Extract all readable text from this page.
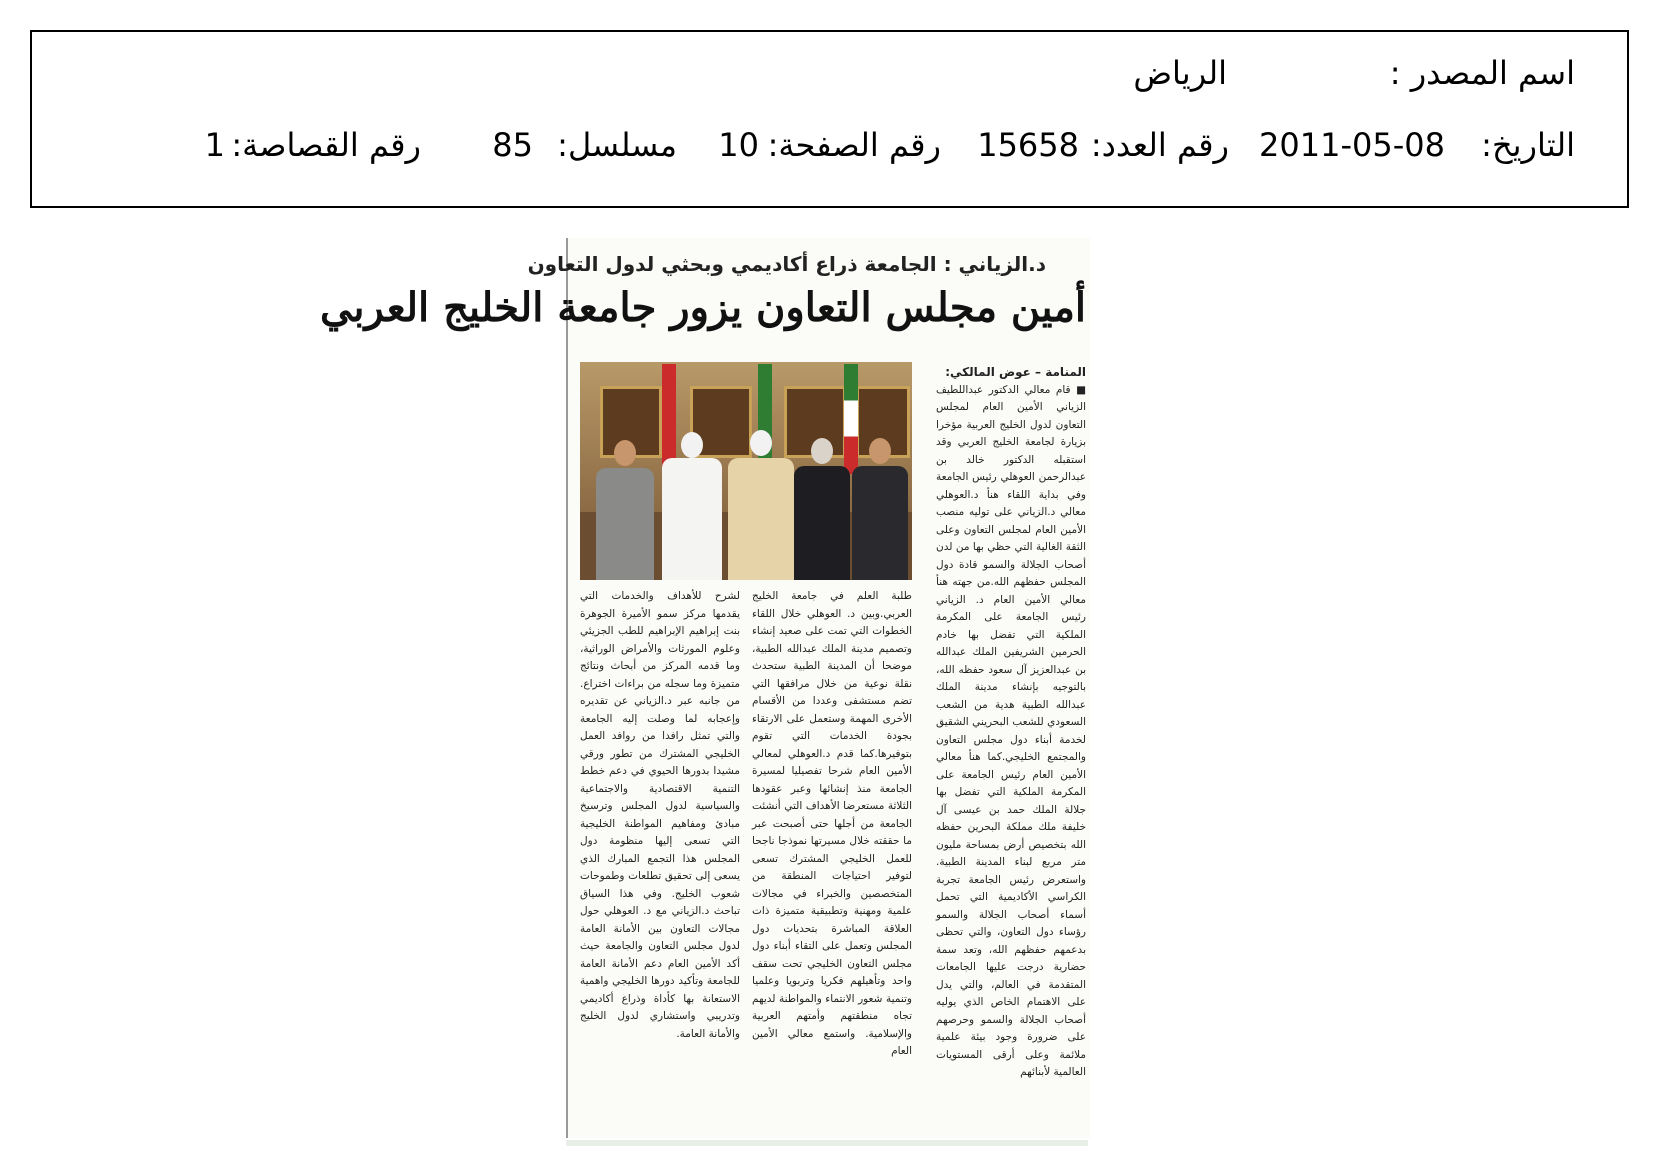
اسم المصدر :
الرياض
التاريخ:
2011-05-08
رقم العدد:
15658
رقم الصفحة:
10
مسلسل:
85
رقم القصاصة:
1
د.الزياني : الجامعة ذراع أكاديمي وبحثي لدول التعاون
أمين مجلس التعاون يزور جامعة الخليج العربي
المنامة – عوض المالكي:
■ قام معالي الدكتور عبداللطيف الزياني الأمين العام لمجلس التعاون لدول الخليج العربية مؤخرا بزيارة لجامعة الخليج العربي وقد استقبله الدكتور خالد بن عبدالرحمن العوهلي رئيس الجامعة وفي بداية اللقاء هنأ د.العوهلي معالي د.الزياني على توليه منصب الأمين العام لمجلس التعاون وعلى الثقة الغالية التي حظي بها من لدن أصحاب الجلالة والسمو قادة دول المجلس حفظهم الله.من جهته هنأ معالي الأمين العام د. الزياني رئيس الجامعة على المكرمة الملكية التي تفضل بها خادم الحرمين الشريفين الملك عبدالله بن عبدالعزيز آل سعود حفظه الله، بالتوجيه بإنشاء مدينة الملك عبدالله الطبية هدية من الشعب السعودي للشعب البحريني الشقيق لخدمة أبناء دول مجلس التعاون والمجتمع الخليجي.كما هنأ معالي الأمين العام رئيس الجامعة على المكرمة الملكية التي تفضل بها جلالة الملك حمد بن عيسى آل خليفة ملك مملكة البحرين حفظه الله بتخصيص أرض بمساحة مليون متر مربع لبناء المدينة الطبية. واستعرض رئيس الجامعة تجربة الكراسي الأكاديمية التي تحمل أسماء أصحاب الجلالة والسمو رؤساء دول التعاون، والتي تحظى بدعمهم حفظهم الله، وتعد سمة حضارية درجت عليها الجامعات المتقدمة في العالم، والتي يدل على الاهتمام الخاص الذي يوليه أصحاب الجلالة والسمو وحرصهم على ضرورة وجود بيئة علمية ملائمة وعلى أرقى المستويات العالمية لأبنائهم
طلبة العلم في جامعة الخليج العربي.وبين د. العوهلي خلال اللقاء الخطوات التي تمت على صعيد إنشاء وتصميم مدينة الملك عبدالله الطبية، موضحا أن المدينة الطبية ستحدث نقلة نوعية من خلال مرافقها التي تضم مستشفى وعددا من الأقسام الأخرى المهمة وستعمل على الارتقاء بجودة الخدمات التي تقوم بتوفيرها.كما قدم د.العوهلي لمعالي الأمين العام شرحا تفصيليا لمسيرة الجامعة منذ إنشائها وعبر عقودها الثلاثة مستعرضا الأهداف التي أنشئت الجامعة من أجلها حتى أصبحت عبر ما حققته خلال مسيرتها نموذجا ناجحا للعمل الخليجي المشترك تسعى لتوفير احتياجات المنطقة من المتخصصين والخبراء في مجالات علمية ومهنية وتطبيقية متميزة ذات العلاقة المباشرة بتحديات دول المجلس وتعمل على التقاء أبناء دول مجلس التعاون الخليجي تحت سقف واحد وتأهيلهم فكريا وتربويا وعلميا وتنمية شعور الانتماء والمواطنة لديهم تجاه منطقتهم وأمتهم العربية والإسلامية. واستمع معالي الأمين العام
لشرح للأهداف والخدمات التي يقدمها مركز سمو الأميرة الجوهرة بنت إبراهيم الإبراهيم للطب الجزيئي وعلوم المورثات والأمراض الوراثية، وما قدمه المركز من أبحاث ونتائج متميزة وما سجله من براءات اختراع. من جانبه عبر د.الزياني عن تقديره وإعجابه لما وصلت إليه الجامعة والتي تمثل رافدا من روافد العمل الخليجي المشترك من تطور ورقي مشيدا بدورها الحيوي في دعم خطط التنمية الاقتصادية والاجتماعية والسياسية لدول المجلس وترسيخ مبادئ ومفاهيم المواطنة الخليجية التي تسعى إليها منظومة دول المجلس هذا التجمع المبارك الذي يسعى إلى تحقيق تطلعات وطموحات شعوب الخليج. وفي هذا السياق تباحث د.الزياني مع د. العوهلي حول مجالات التعاون بين الأمانة العامة لدول مجلس التعاون والجامعة حيث أكد الأمين العام دعم الأمانة العامة للجامعة وتأكيد دورها الخليجي واهمية الاستعانة بها كأداة وذراع أكاديمي وتدريبي واستشاري لدول الخليج والأمانة العامة.
